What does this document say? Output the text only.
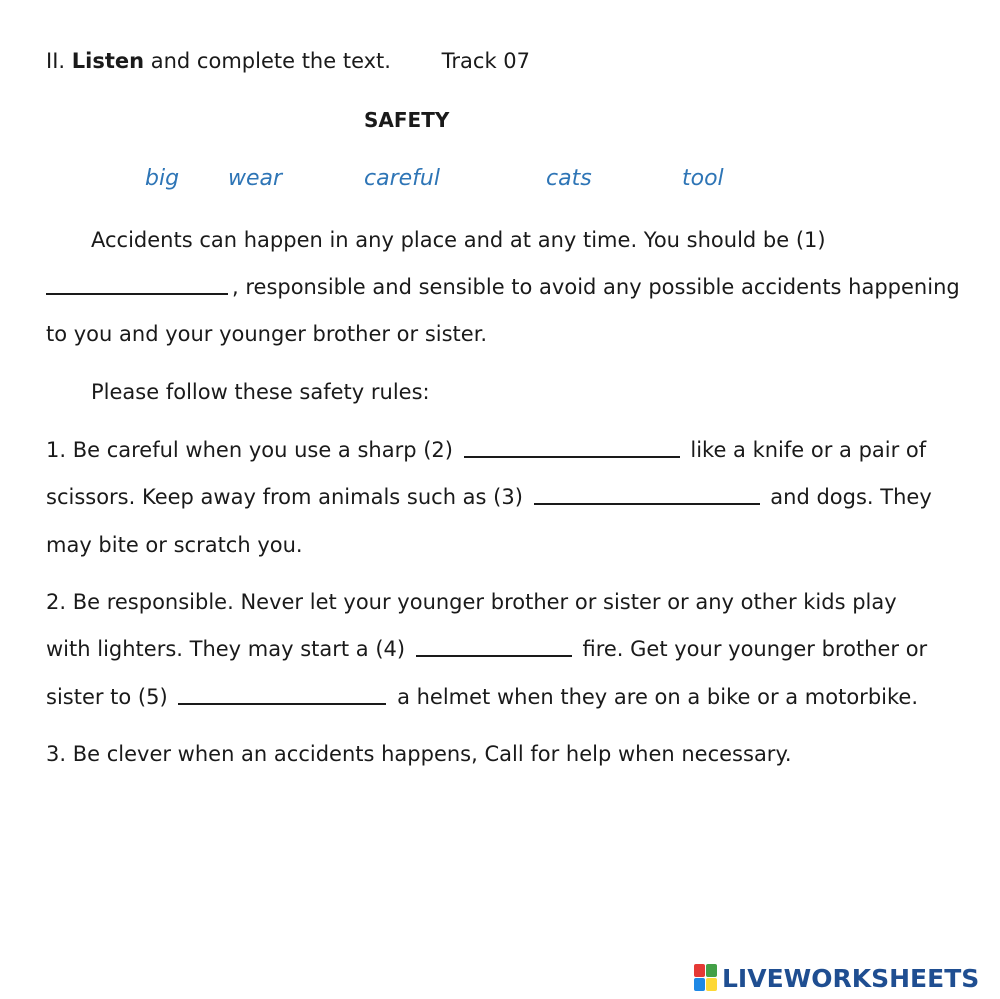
II. Listen and complete the text. Track 07
SAFETY
big wear	careful	cats	tool
Accidents can happen in any place and at any time. You should be (1)
, responsible and sensible to avoid any possible accidents happening
to you and your younger brother or sister.
Please follow these safety rules:
1. Be careful when you use a sharp (2)	like a knife or a pair of
scissors. Keep away from animals such as (3)	and dogs. They
may bite or scratch you.
2. Be responsible. Never let your younger brother or sister or any other kids play
with lighters. They may start a (4)	fire. Get your younger brother or
sister to (5)	a helmet when they are on a bike or a motorbike.
3. Be clever when an accidents happens, Call for help when necessary.
LIVEWORKSHEETS
